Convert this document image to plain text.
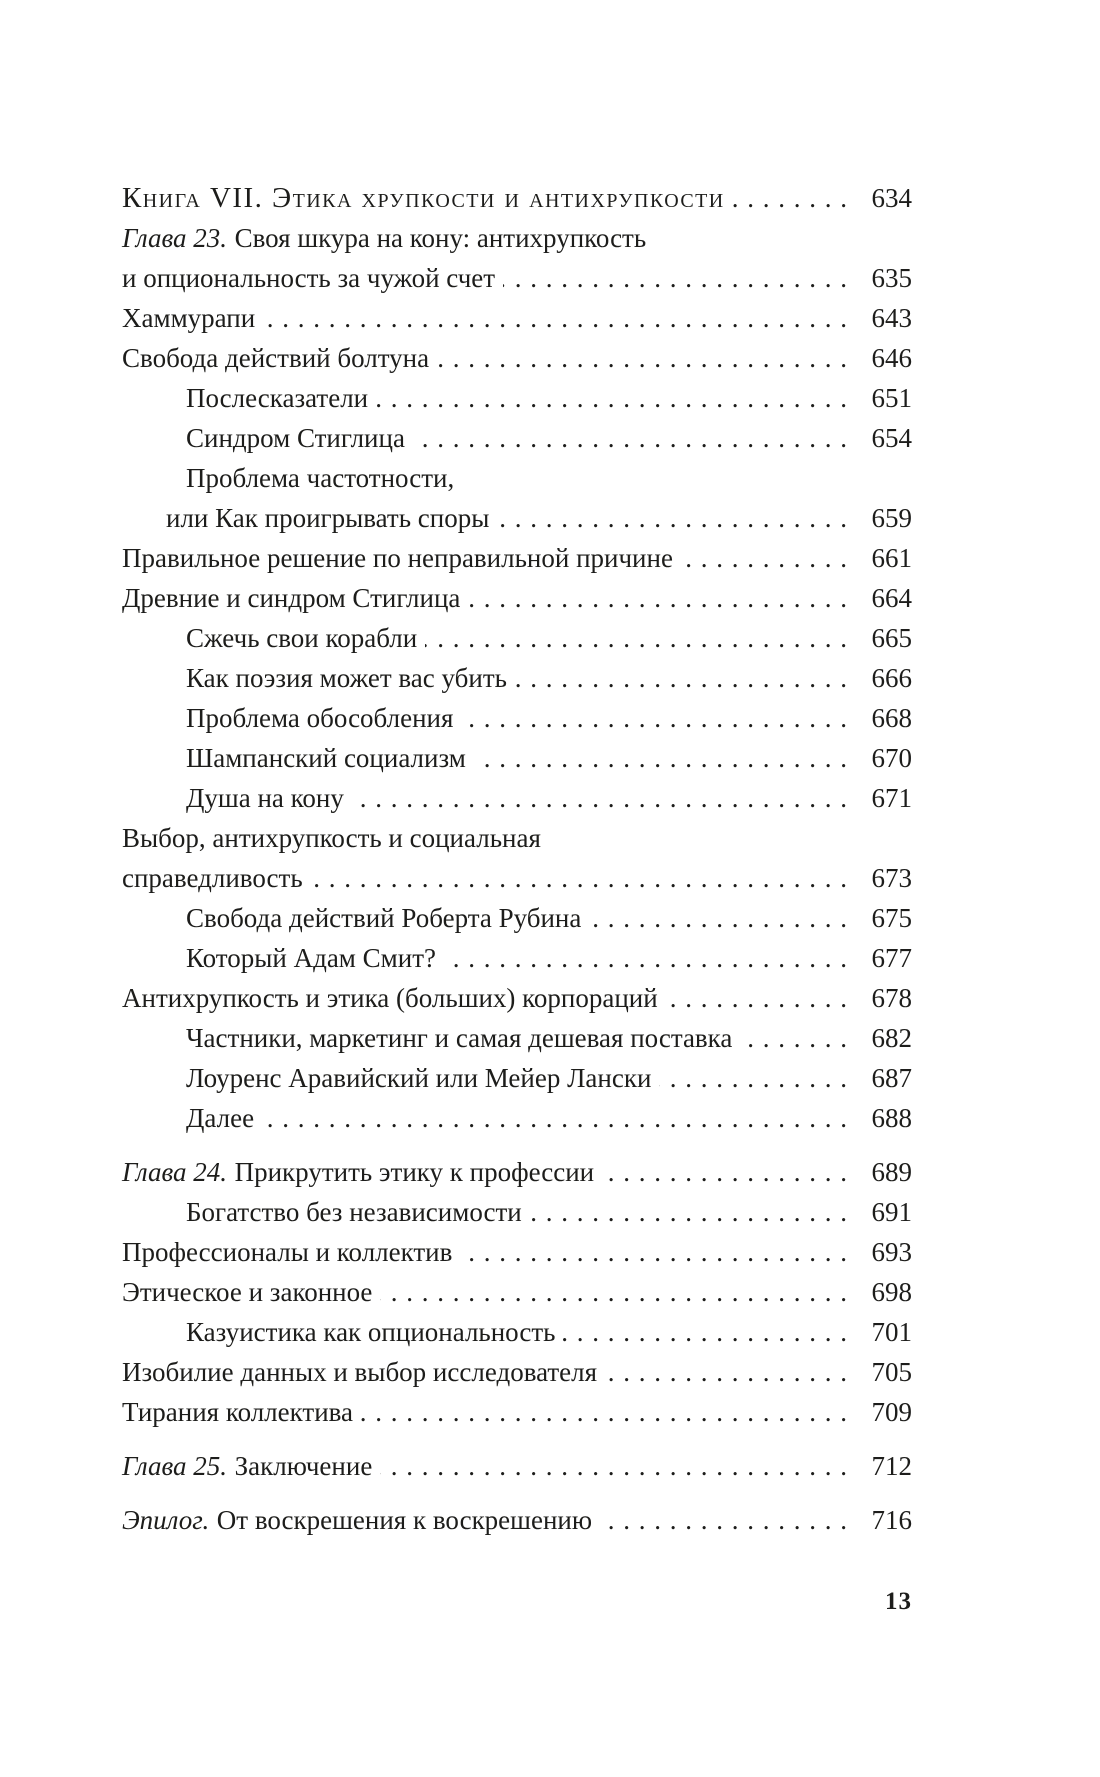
Книга VII. Этика хрупкости и антихрупкости . . .	634
Глава 23. Своя шкура на кону: антихрупкость
и опциональность за чужой счет . . .	635
Хаммурапи . . .	643
Свобода действий болтуна . . .	646
Послесказатели . . .	651
Синдром Стиглица . . .	654
Проблема частотности,
или Как проигрывать споры . . .	659
Правильное решение по неправильной причине . . .	661
Древние и синдром Стиглица . . .	664
Сжечь свои корабли . . .	665
Как поэзия может вас убить . . .	666
Проблема обособления . . .	668
Шампанский социализм . . .	670
Душа на кону . . .	671
Выбор, антихрупкость и социальная
справедливость . . .	673
Свобода действий Роберта Рубина . . .	675
Который Адам Смит? . . .	677
Антихрупкость и этика (больших) корпораций . . .	678
Частники, маркетинг и самая дешевая поставка . . .	682
Лоуренс Аравийский или Мейер Лански . . .	687
Далее . . .	688
Глава 24. Прикрутить этику к профессии . . .	689
Богатство без независимости . . .	691
Профессионалы и коллектив . . .	693
Этическое и законное . . .	698
Казуистика как опциональность . . .	701
Изобилие данных и выбор исследователя . . .	705
Тирания коллектива . . .	709
Глава 25. Заключение . . .	712
Эпилог. От воскрешения к воскрешению . . .	716
13
